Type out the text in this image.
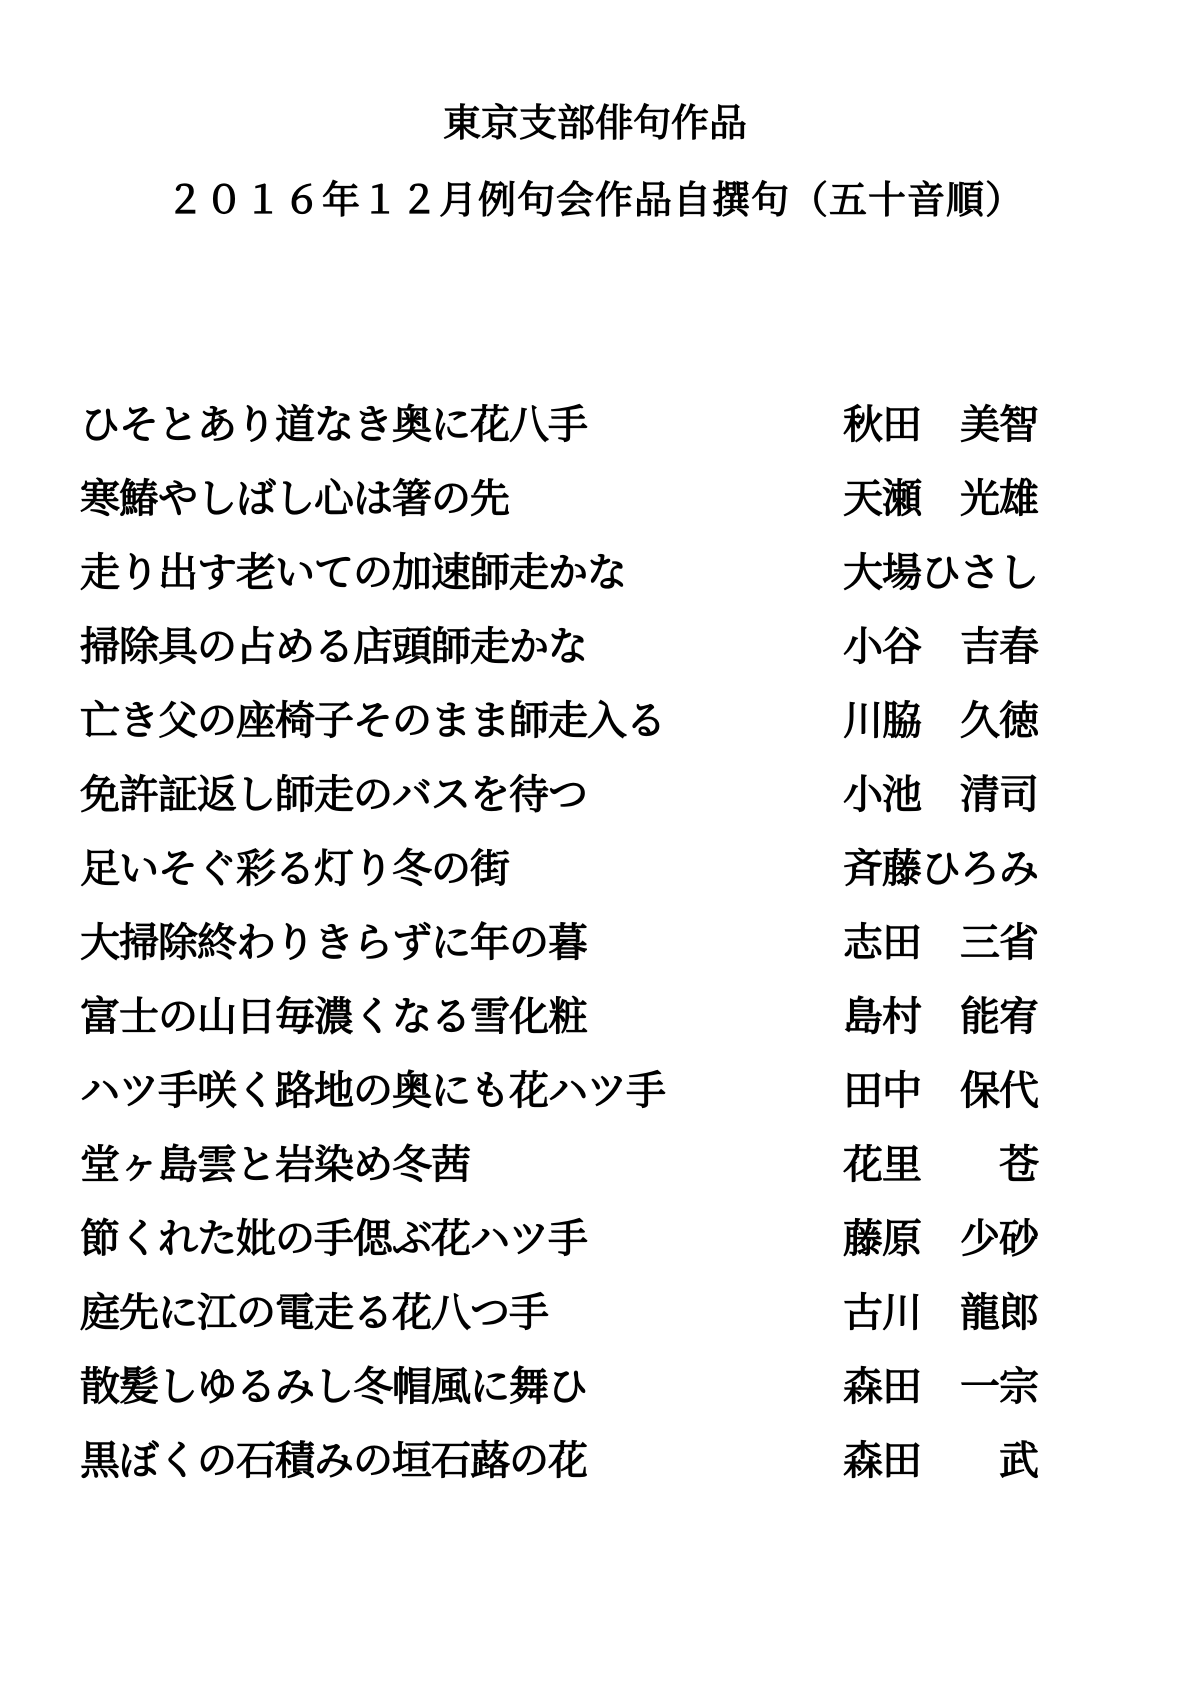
東京支部俳句作品
２０１６年１２月例句会作品自撰句（五十音順）
ひそとあり道なき奥に花八手	秋田　美智
寒鰆やしばし心は箸の先	天瀬　光雄
走り出す老いての加速師走かな	大場ひさし
掃除具の占める店頭師走かな	小谷　吉春
亡き父の座椅子そのまま師走入る	川脇　久徳
免許証返し師走のバスを待つ	小池　清司
足いそぐ彩る灯り冬の街	斉藤ひろみ
大掃除終わりきらずに年の暮	志田　三省
富士の山日毎濃くなる雪化粧	島村　能宥
ハツ手咲く路地の奥にも花ハツ手	田中　保代
堂ヶ島雲と岩染め冬茜	花里　　苍
節くれた妣の手偲ぶ花ハツ手	藤原　少砂
庭先に江の電走る花八つ手	古川　龍郎
散髪しゆるみし冬帽風に舞ひ	森田　一宗
黒ぼくの石積みの垣石蕗の花	森田　　武
